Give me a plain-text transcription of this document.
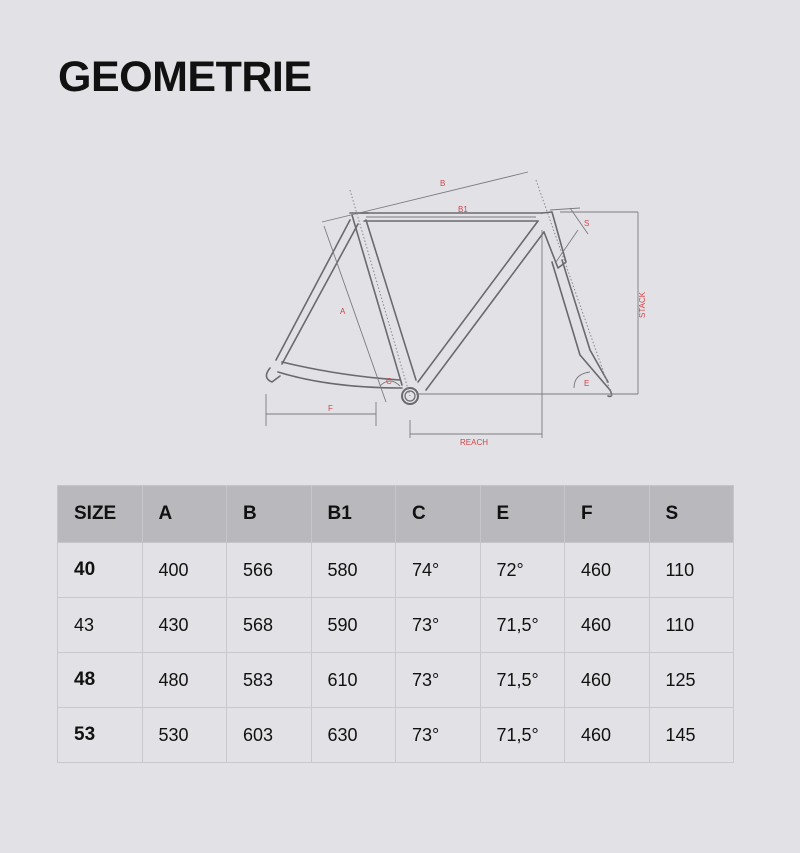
GEOMETRIE
B
B1
S
STACK
A
C	E
F
REACH
SIZE	A	B	B1	C	E	F	S
40	400	566	580	74°	72°	460	110
43	430	568	590	73°	71,5°	460	110
48	480	583	610	73°	71,5°	460	125
53	530	603	630	73°	71,5°	460	145
